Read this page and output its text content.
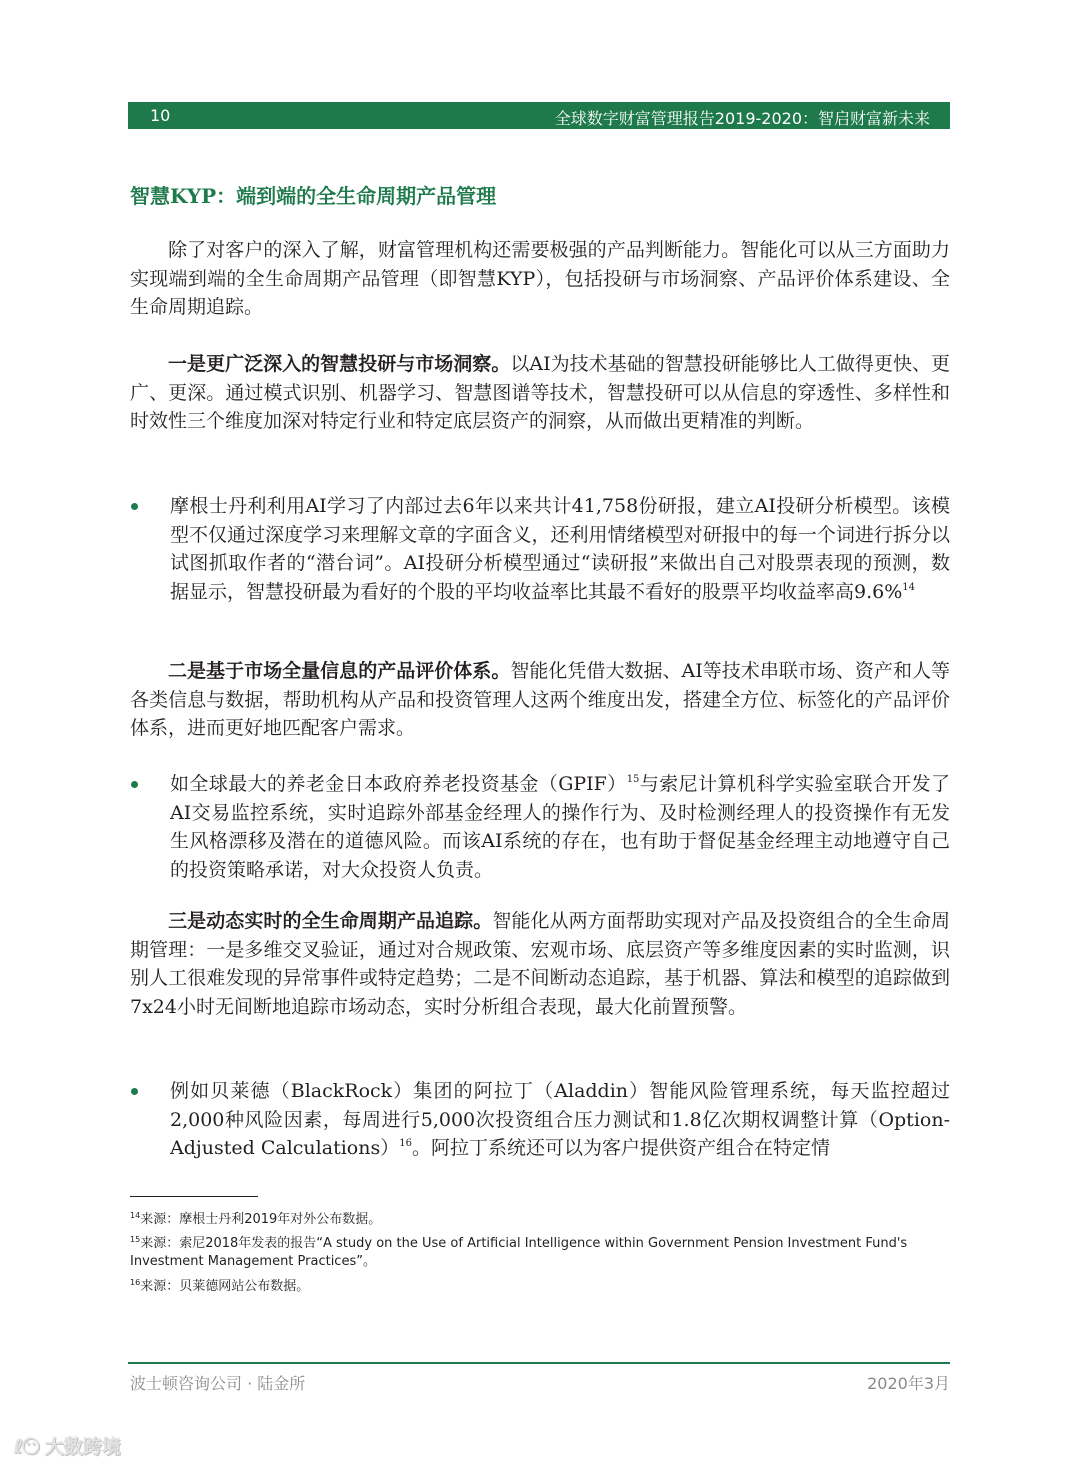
10	全球数字财富管理报告2019-2020：智启财富新未来
智慧KYP：端到端的全生命周期产品管理

除了对客户的深入了解，财富管理机构还需要极强的产品判断能力。智能化可以从三方面助力实现端到端的全生命周期产品管理（即智慧KYP），包括投研与市场洞察、产品评价体系建设、全生命周期追踪。

一是更广泛深入的智慧投研与市场洞察。以AI为技术基础的智慧投研能够比人工做得更快、更广、更深。通过模式识别、机器学习、智慧图谱等技术，智慧投研可以从信息的穿透性、多样性和时效性三个维度加深对特定行业和特定底层资产的洞察，从而做出更精准的判断。

摩根士丹利利用AI学习了内部过去6年以来共计41,758份研报，建立AI投研分析模型。该模型不仅通过深度学习来理解文章的字面含义，还利用情绪模型对研报中的每一个词进行拆分以试图抓取作者的“潜台词”。AI投研分析模型通过“读研报”来做出自己对股票表现的预测，数据显示，智慧投研最为看好的个股的平均收益率比其最不看好的股票平均收益率高9.6%$^{14}$

二是基于市场全量信息的产品评价体系。智能化凭借大数据、AI等技术串联市场、资产和人等各类信息与数据，帮助机构从产品和投资管理人这两个维度出发，搭建全方位、标签化的产品评价体系，进而更好地匹配客户需求。

如全球最大的养老金日本政府养老投资基金（GPIF）$^{15}$与索尼计算机科学实验室联合开发了AI交易监控系统，实时追踪外部基金经理人的操作行为、及时检测经理人的投资操作有无发生风格漂移及潜在的道德风险。而该AI系统的存在，也有助于督促基金经理主动地遵守自己的投资策略承诺，对大众投资人负责。

三是动态实时的全生命周期产品追踪。智能化从两方面帮助实现对产品及投资组合的全生命周期管理：一是多维交叉验证，通过对合规政策、宏观市场、底层资产等多维度因素的实时监测，识别人工很难发现的异常事件或特定趋势；二是不间断动态追踪，基于机器、算法和模型的追踪做到7x24小时无间断地追踪市场动态，实时分析组合表现，最大化前置预警。

例如贝莱德（BlackRock）集团的阿拉丁（Aladdin）智能风险管理系统，每天监控超过2,000种风险因素，每周进行5,000次投资组合压力测试和1.8亿次期权调整计算（Option-Adjusted Calculations）$^{16}$。阿拉丁系统还可以为客户提供资产组合在特定情

$^{14}$来源：摩根士丹利2019年对外公布数据。

$^{15}$来源：索尼2018年发表的报告“A study on the Use of Artificial Intelligence within Government Pension Investment Fund's Investment Management Practices”。

$^{16}$来源：贝莱德网站公布数据。

波士顿咨询公司 · 陆金所	2020年3月
ℓ😶 大数跨境
